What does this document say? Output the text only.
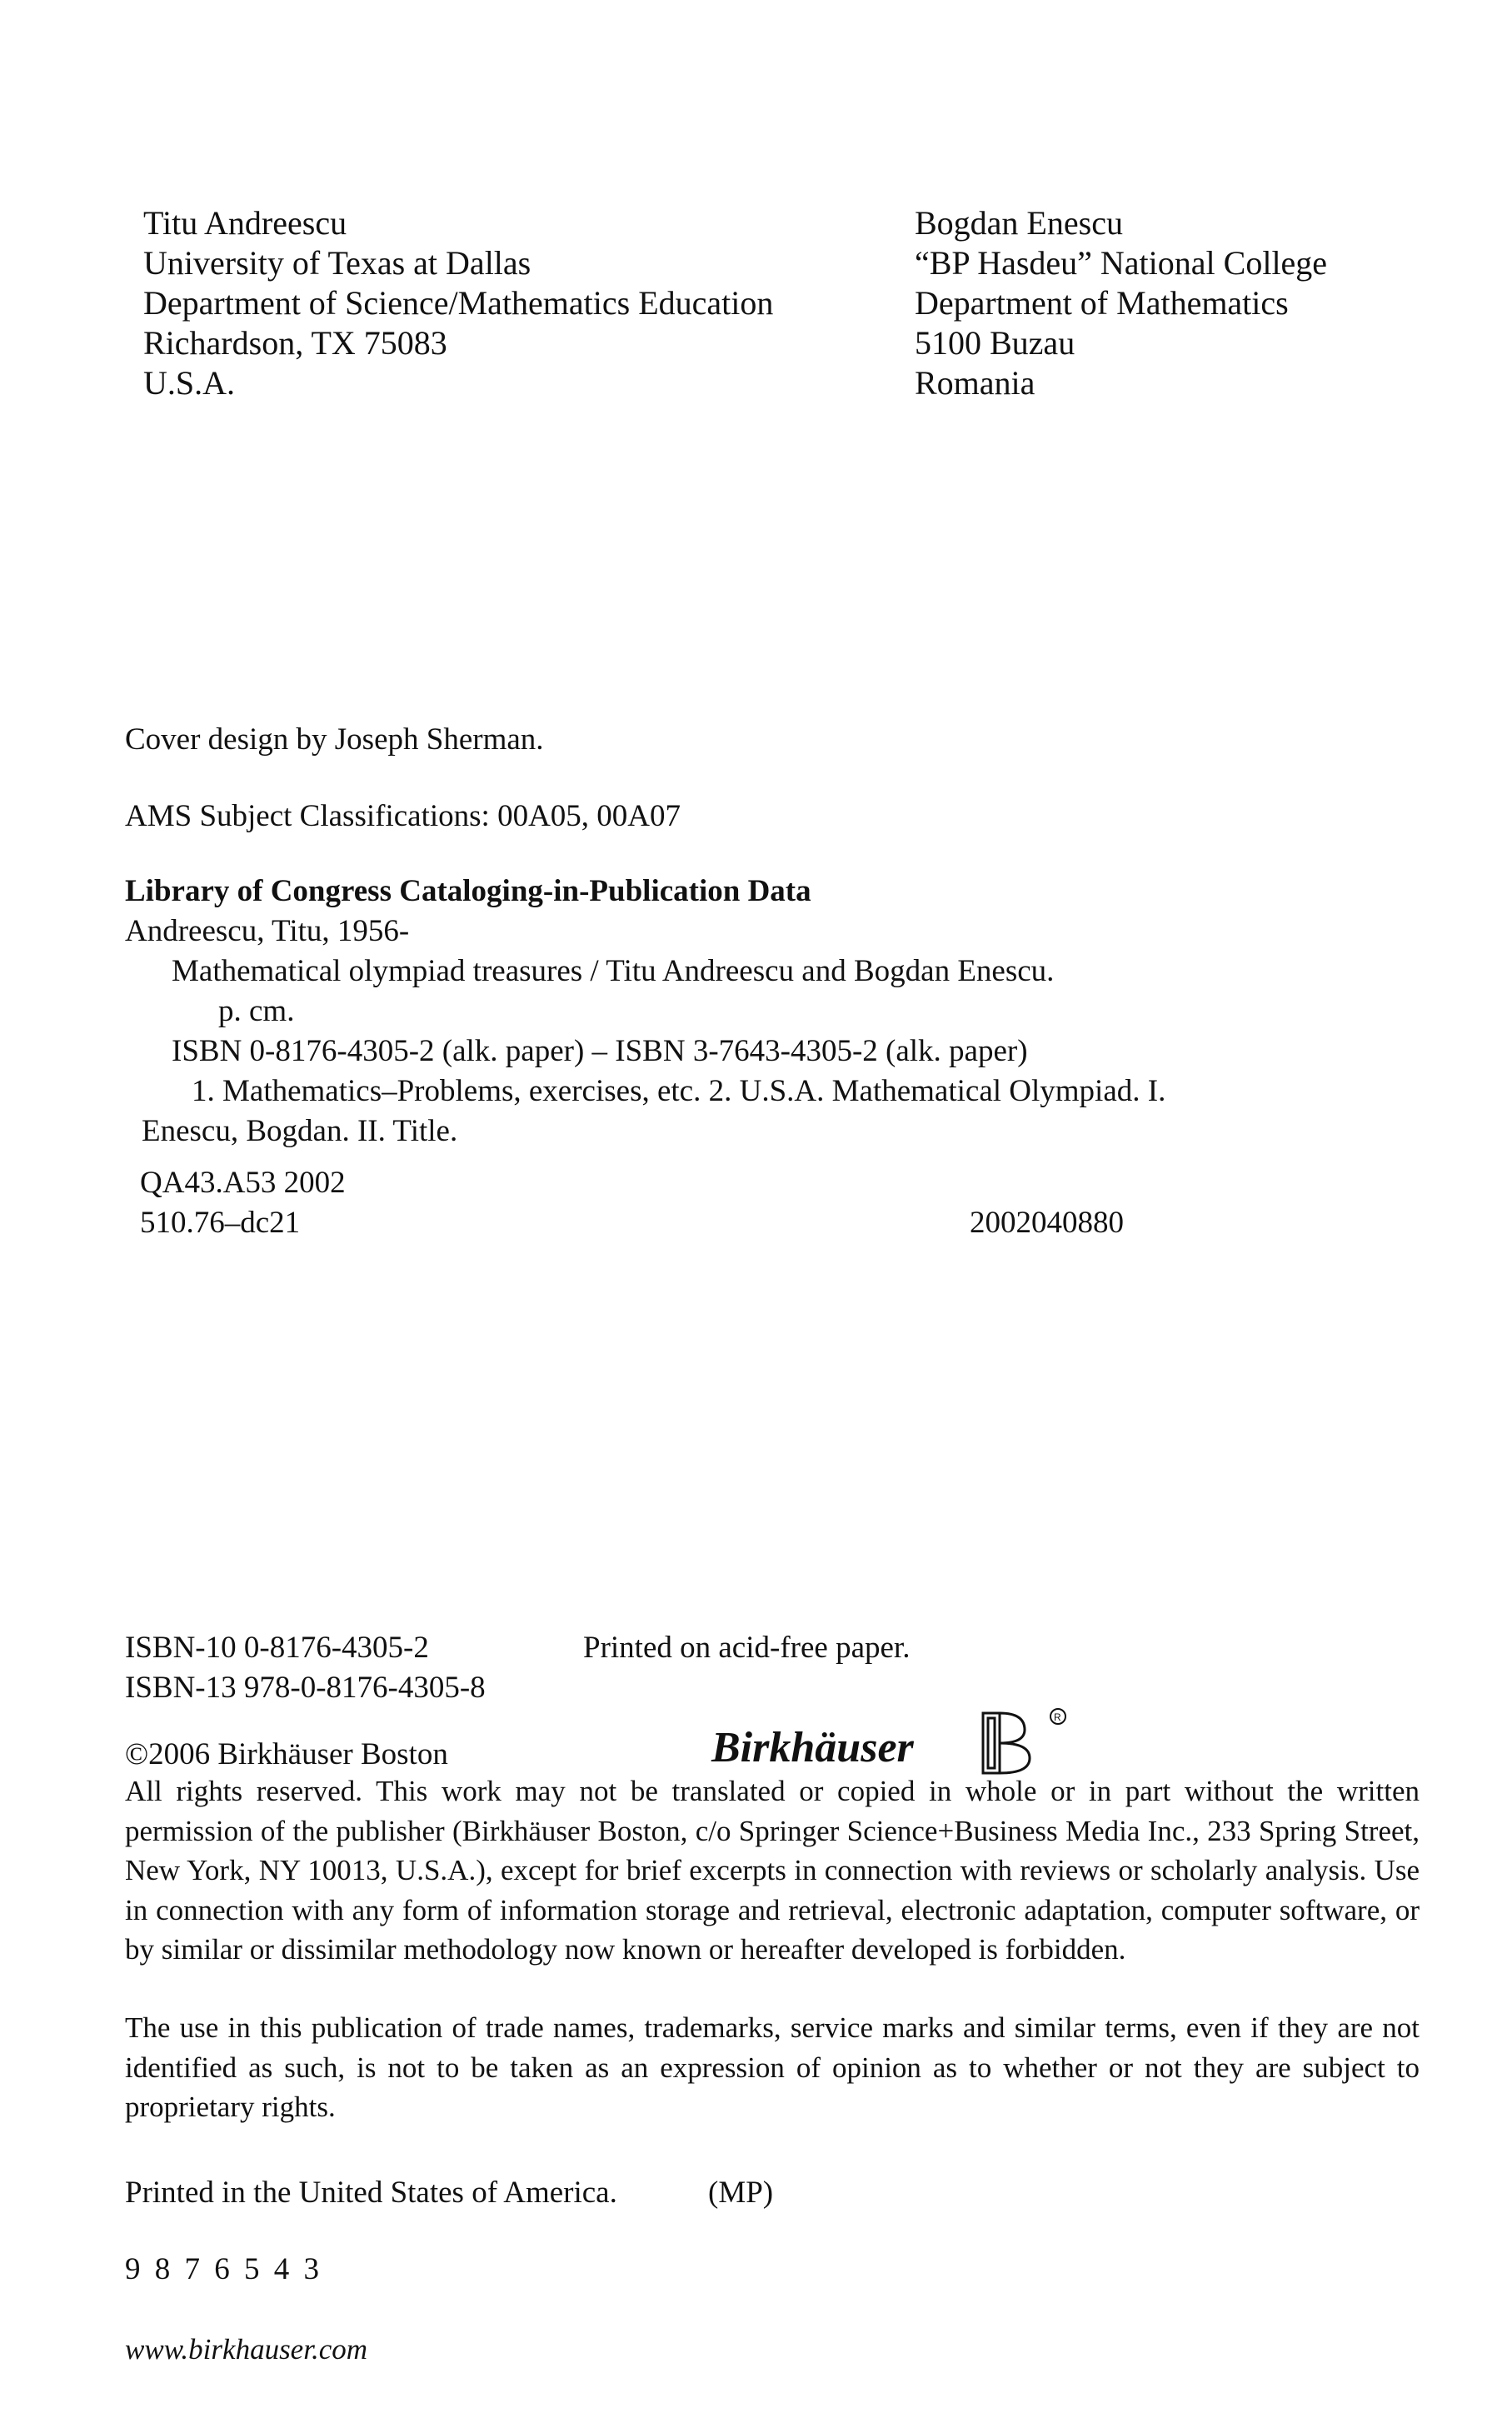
Titu Andreescu
University of Texas at Dallas
Department of Science/Mathematics Education
Richardson, TX 75083
U.S.A.
Bogdan Enescu
“BP Hasdeu” National College
Department of Mathematics
5100 Buzau
Romania
Cover design by Joseph Sherman.
AMS Subject Classifications: 00A05, 00A07
Library of Congress Cataloging-in-Publication Data
Andreescu, Titu, 1956-
Mathematical olympiad treasures / Titu Andreescu and Bogdan Enescu.
p. cm.
ISBN 0-8176-4305-2 (alk. paper) – ISBN 3-7643-4305-2 (alk. paper)
1. Mathematics–Problems, exercises, etc. 2. U.S.A. Mathematical Olympiad. I.
Enescu, Bogdan. II. Title.
QA43.A53 2002
510.76–dc21	2002040880
ISBN-10 0-8176-4305-2
ISBN-13 978-0-8176-4305-8
Printed on acid-free paper.
©2006 Birkhäuser Boston	Birkhäuser
R
All rights reserved. This work may not be translated or copied in whole or in part without the written permission of the publisher (Birkhäuser Boston, c/o Springer Science+Business Media Inc., 233 Spring Street, New York, NY 10013, U.S.A.), except for brief excerpts in connection with reviews or scholarly analysis. Use in connection with any form of information storage and retrieval, electronic adaptation, computer software, or by similar or dissimilar methodology now known or hereafter developed is forbidden.
The use in this publication of trade names, trademarks, service marks and similar terms, even if they are not identified as such, is not to be taken as an expression of opinion as to whether or not they are subject to proprietary rights.
Printed in the United States of America.	(MP)
9 8 7 6 5 4 3
www.birkhauser.com
